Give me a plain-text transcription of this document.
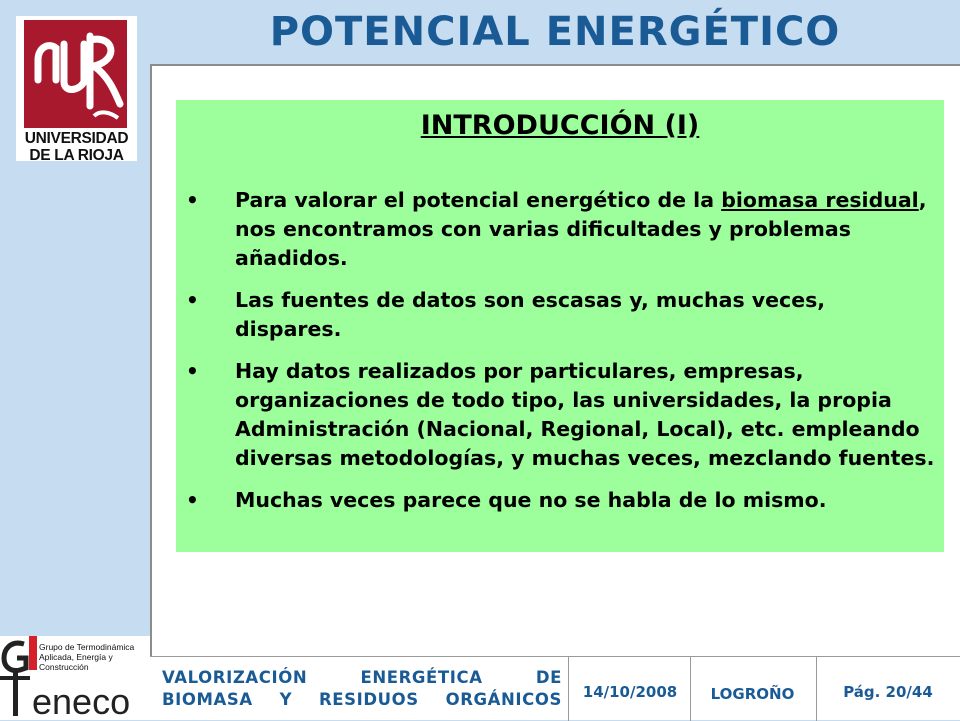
POTENCIAL ENERGÉTICO
UNIVERSIDAD
DE LA RIOJA
INTRODUCCIÓN (I)
•	Para valorar el potencial energético de la biomasa residual, nos encontramos con varias dificultades y problemas añadidos.
•	Las fuentes de datos son escasas y, muchas veces, dispares.
•	Hay datos realizados por particulares, empresas, organizaciones de todo tipo, las universidades, la propia Administración (Nacional, Regional, Local), etc. empleando diversas metodologías, y muchas veces, mezclando fuentes.
•	Muchas veces parece que no se habla de lo mismo.
eneco
Grupo de Termodinámica
Aplicada, Energía y Construcción
VALORIZACIÓN ENERGÉTICA DE BIOMASA Y RESIDUOS ORGÁNICOS	14/10/2008	LOGROÑO	Pág. 20/44
